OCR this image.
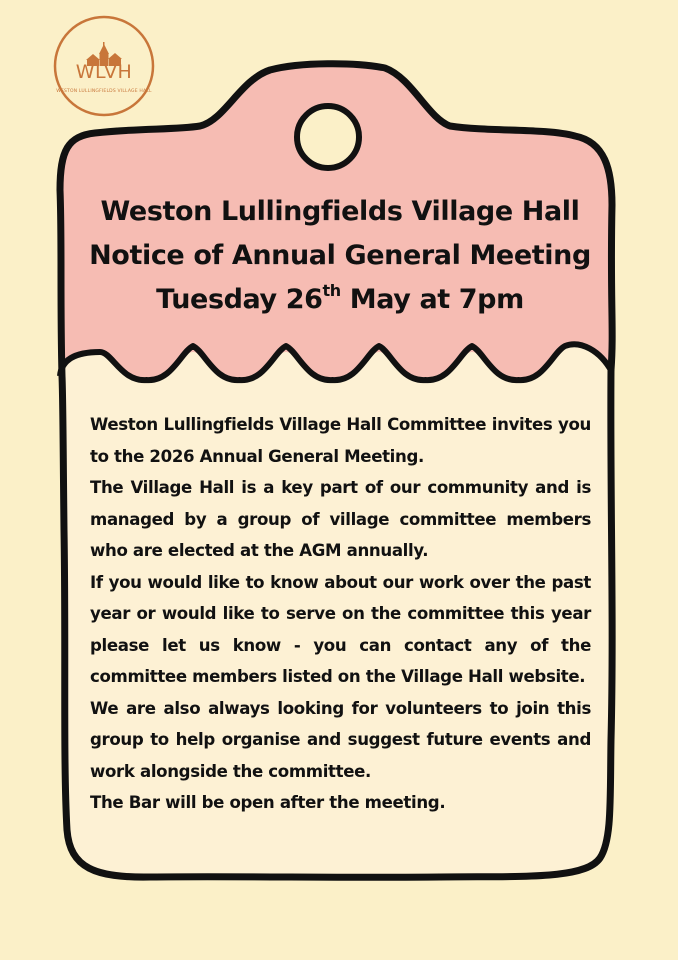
WLVH
WESTON LULLINGFIELDS VILLAGE HALL
Weston Lullingfields Village Hall
Notice of Annual General Meeting
Tuesday 26th May at 7pm

Weston Lullingfields Village Hall Committee invites you to the 2026 Annual General Meeting.

The Village Hall is a key part of our community and is managed by a group of village committee members who are elected at the AGM annually.

If you would like to know about our work over the past year or would like to serve on the committee this year please let us know - you can contact any of the committee members listed on the Village Hall website.

We are also always looking for volunteers to join this group to help organise and suggest future events and work alongside the committee.

The Bar will be open after the meeting.
